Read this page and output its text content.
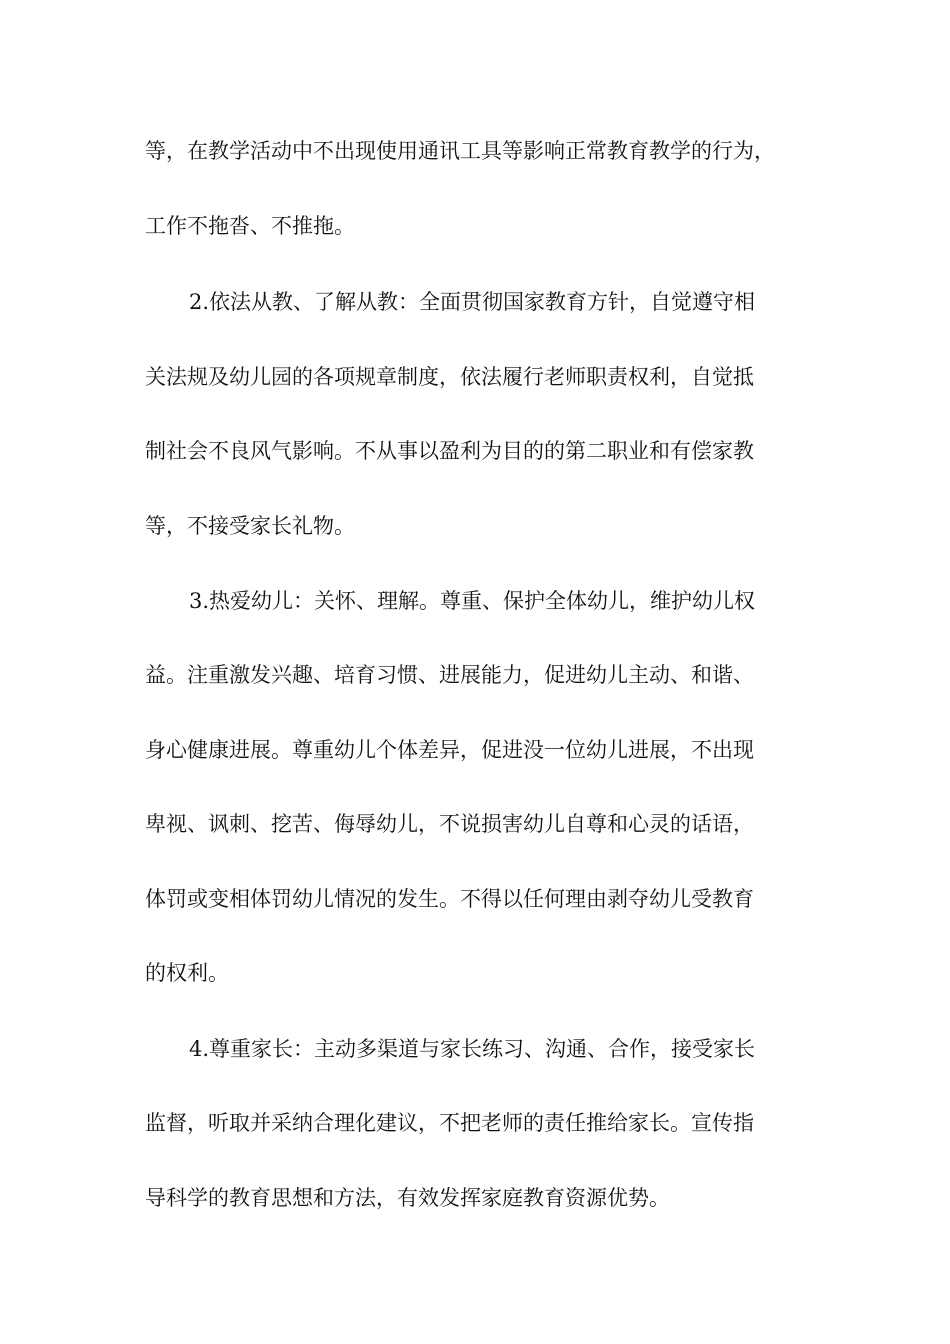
等，在教学活动中不出现使用通讯工具等影响正常教育教学的行为，

工作不拖沓、不推拖。

2.依法从教、了解从教：全面贯彻国家教育方针，自觉遵守相

关法规及幼儿园的各项规章制度，依法履行老师职责权利，自觉抵

制社会不良风气影响。不从事以盈利为目的的第二职业和有偿家教

等，不接受家长礼物。

3.热爱幼儿：关怀、理解。尊重、保护全体幼儿，维护幼儿权

益。注重激发兴趣、培育习惯、进展能力，促进幼儿主动、和谐、

身心健康进展。尊重幼儿个体差异，促进没一位幼儿进展，不出现

卑视、讽刺、挖苦、侮辱幼儿，不说损害幼儿自尊和心灵的话语，

体罚或变相体罚幼儿情况的发生。不得以任何理由剥夺幼儿受教育

的权利。

4.尊重家长：主动多渠道与家长练习、沟通、合作，接受家长

监督，听取并采纳合理化建议，不把老师的责任推给家长。宣传指

导科学的教育思想和方法，有效发挥家庭教育资源优势。
